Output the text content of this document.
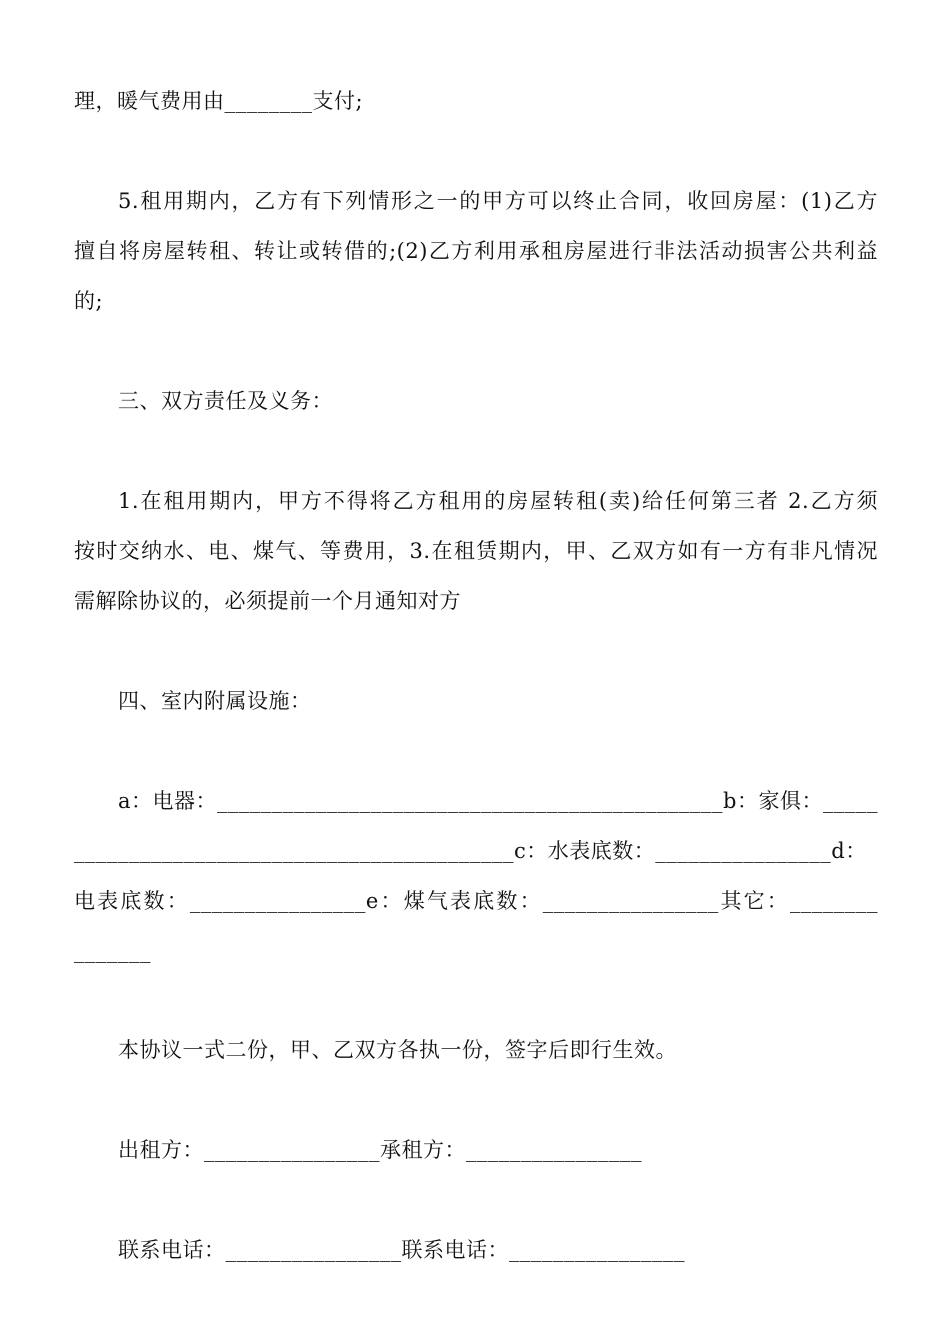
理，暖气费用由________支付;

5.租用期内，乙方有下列情形之一的甲方可以终止合同，收回房屋：(1)乙方

擅自将房屋转租、转让或转借的;(2)乙方利用承租房屋进行非法活动损害公共利益

的;

三、双方责任及义务：

1.在租用期内，甲方不得将乙方租用的房屋转租(卖)给任何第三者 2.乙方须

按时交纳水、电、煤气、等费用，3.在租赁期内，甲、乙双方如有一方有非凡情况

需解除协议的，必须提前一个月通知对方

四、室内附属设施：

a：电器：______________________________________________b：家俱：_____

________________________________________c：水表底数：________________d：

电表底数：________________e：煤气表底数：________________其它：________

_______

本协议一式二份，甲、乙双方各执一份，签字后即行生效。

出租方：________________承租方：________________

联系电话：________________联系电话：________________
